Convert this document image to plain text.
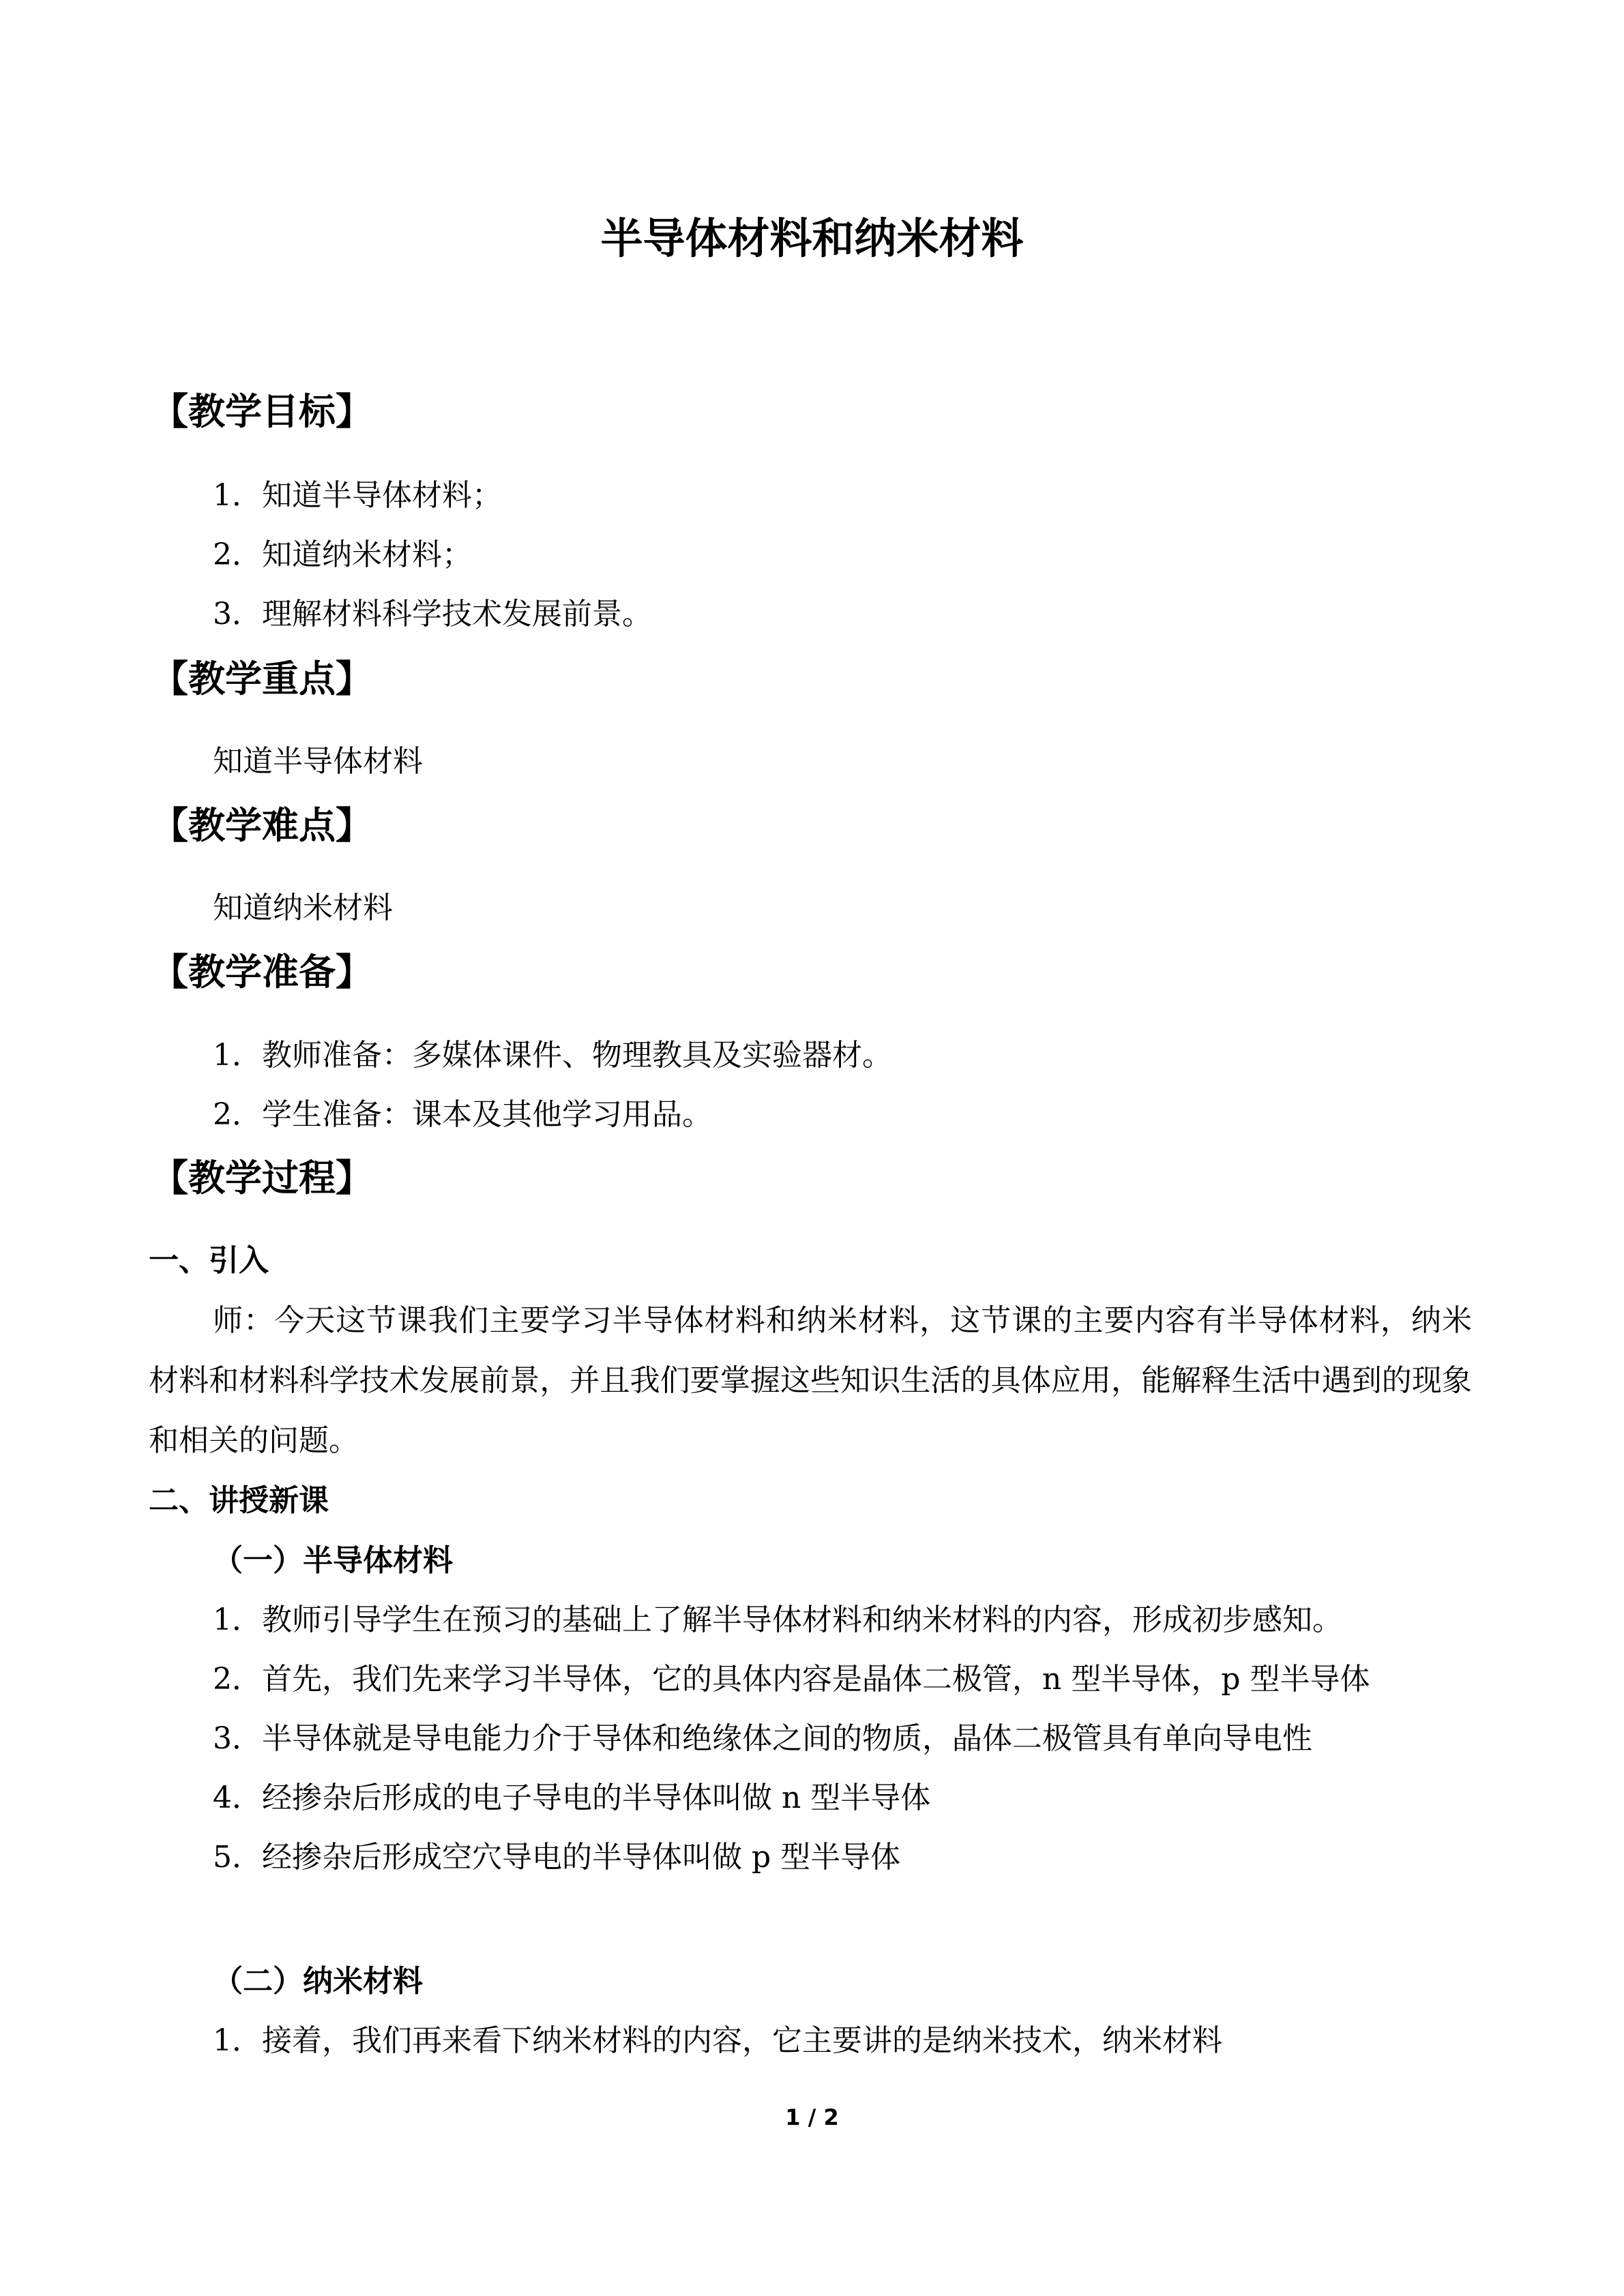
半导体材料和纳米材料
【教学目标】
1．知道半导体材料；
2．知道纳米材料；
3．理解材料科学技术发展前景。
【教学重点】
知道半导体材料
【教学难点】
知道纳米材料
【教学准备】
1．教师准备：多媒体课件、物理教具及实验器材。
2．学生准备：课本及其他学习用品。
【教学过程】
一、引入
师：今天这节课我们主要学习半导体材料和纳米材料，这节课的主要内容有半导体材料，纳米材料和材料科学技术发展前景，并且我们要掌握这些知识生活的具体应用，能解释生活中遇到的现象和相关的问题。
二、讲授新课
（一）半导体材料
1．教师引导学生在预习的基础上了解半导体材料和纳米材料的内容，形成初步感知。
2．首先，我们先来学习半导体，它的具体内容是晶体二极管，n 型半导体，p 型半导体
3．半导体就是导电能力介于导体和绝缘体之间的物质，晶体二极管具有单向导电性
4．经掺杂后形成的电子导电的半导体叫做 n 型半导体
5．经掺杂后形成空穴导电的半导体叫做 p 型半导体
（二）纳米材料
1．接着，我们再来看下纳米材料的内容，它主要讲的是纳米技术，纳米材料
1 / 2
